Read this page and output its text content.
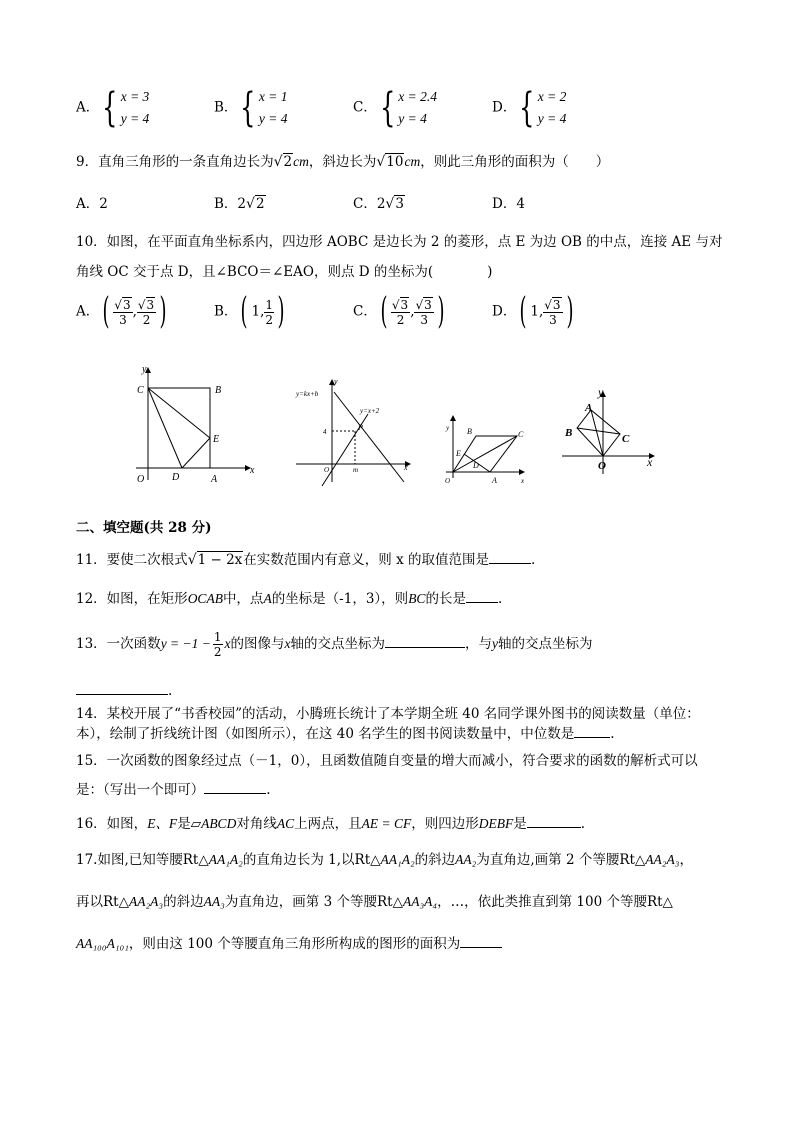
A．{ x = 3
y = 4
B．{ x = 1
y = 4
C．{ x = 2.4
y = 4
D．{ x = 2
y = 4
9．直角三角形的一条直角边长为√2cm，斜边长为√10cm，则此三角形的面积为（　　）
A．2	B．2√2	C．2√3	D．4
10．如图，在平面直角坐标系内，四边形 AOBC 是边长为 2 的菱形，点 E 为边 OB 的中点，连接 AE 与对
角线 OC 交于点 D，且∠BCO＝∠EAO，则点 D 的坐标为(　　　　)
A．( $\frac{√3}{3}$ , $\frac{√3}{2}$ )	B．( 1, $\frac{1}{2}$ )	C．( $\frac{√3}{2}$ , $\frac{√3}{3}$ )	D．( 1, $\frac{√3}{3}$ )
y
x
C	B
E
O	D	A
y=kx+b
y=x+2
y
x
P
4
m
O
y
x
B	C
E
D
O	A
y
x
A
B	C
O
二、填空题(共 28 分)
11．要使二次根式√1 − 2x在实数范围内有意义，则 x 的取值范围是	.
12．如图，在矩形OCAB中，点A的坐标是（-1，3），则BC的长是 .
13．一次函数$y = -1 - \frac{1}{2}$ x的图像与x轴的交点坐标为	，与y轴的交点坐标为
.
14．某校开展了“书香校园”的活动，小腾班长统计了本学期全班 40 名同学课外图书的阅读数量（单位：
本），绘制了折线统计图（如图所示），在这 40 名学生的图书阅读数量中，中位数是	.
15．一次函数的图象经过点（－1，0），且函数值随自变量的增大而减小，符合要求的函数的解析式可以
是：（写出一个即可）	.
16．如图，E、F是▱ABCD对角线AC上两点，且AE = CF，则四边形DEBF是	.
17.如图,已知等腰Rt△AA₁A₂的直角边长为 1,以Rt△AA₁A₂的斜边AA₂为直角边,画第 2 个等腰Rt△AA₂A₃，
再以Rt△AA₂A₃的斜边AA₃为直角边，画第 3 个等腰Rt△AA₃A₄，…，依此类推直到第 100 个等腰Rt△
AA₁₀₀A₁₀₁，则由这 100 个等腰直角三角形所构成的图形的面积为
